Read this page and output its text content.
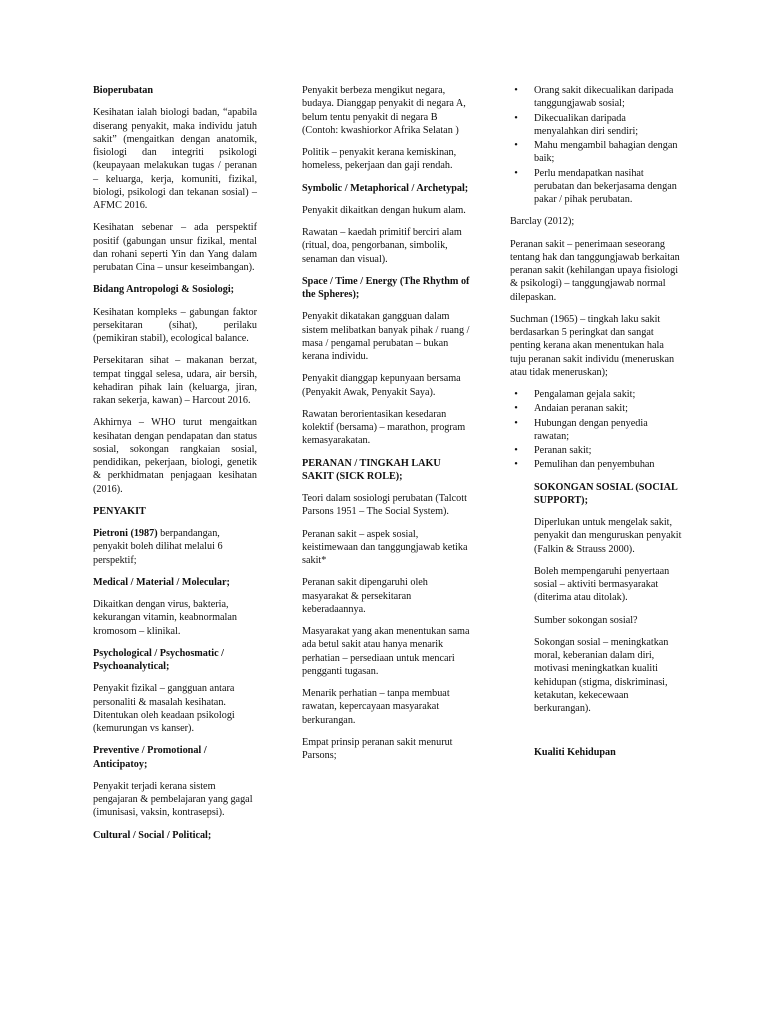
Bioperubatan
Kesihatan ialah biologi badan, “apabila diserang penyakit, maka individu jatuh sakit” (mengaitkan dengan anatomik, fisiologi dan integriti psikologi (keupayaan melakukan tugas / peranan – keluarga, kerja, komuniti, fizikal, biologi, psikologi dan tekanan sosial) – AFMC 2016.
Kesihatan sebenar – ada perspektif positif (gabungan unsur fizikal, mental dan rohani seperti Yin dan Yang dalam perubatan Cina – unsur keseimbangan).
Bidang Antropologi & Sosiologi;
Kesihatan kompleks – gabungan faktor persekitaran (sihat), perilaku (pemikiran stabil), ecological balance.
Persekitaran sihat – makanan berzat, tempat tinggal selesa, udara, air bersih, kehadiran pihak lain (keluarga, jiran, rakan sekerja, kawan) – Harcout 2016.
Akhirnya – WHO turut mengaitkan kesihatan dengan pendapatan dan status sosial, sokongan rangkaian sosial, pendidikan, pekerjaan, biologi, genetik & perkhidmatan penjagaan kesihatan (2016).
PENYAKIT
Pietroni (1987) berpandangan, penyakit boleh dilihat melalui 6 perspektif;
Medical / Material / Molecular;
Dikaitkan dengan virus, bakteria, kekurangan vitamin, keabnormalan kromosom – klinikal.
Psychological / Psychosmatic / Psychoanalytical;
Penyakit fizikal – gangguan antara personaliti & masalah kesihatan. Ditentukan oleh keadaan psikologi (kemurungan vs kanser).
Preventive / Promotional / Anticipatoy;
Penyakit terjadi kerana sistem pengajaran & pembelajaran yang gagal (imunisasi, vaksin, kontrasepsi).
Cultural / Social / Political;
Penyakit berbeza mengikut negara, budaya. Dianggap penyakit di negara A, belum tentu penyakit di negara B (Contoh: kwashiorkor Afrika Selatan )
Politik – penyakit kerana kemiskinan, homeless, pekerjaan dan gaji rendah.
Symbolic / Metaphorical / Archetypal;
Penyakit dikaitkan dengan hukum alam.
Rawatan – kaedah primitif berciri alam (ritual, doa, pengorbanan, simbolik, senaman dan visual).
Space / Time / Energy (The Rhythm of the Spheres);
Penyakit dikatakan gangguan dalam sistem melibatkan banyak pihak / ruang / masa / pengamal perubatan – bukan kerana individu.
Penyakit dianggap kepunyaan bersama (Penyakit Awak, Penyakit Saya).
Rawatan berorientasikan kesedaran kolektif (bersama) – marathon, program kemasyarakatan.
PERANAN / TINGKAH LAKU SAKIT (SICK ROLE);
Teori dalam sosiologi perubatan (Talcott Parsons 1951 – The Social System).
Peranan sakit – aspek sosial, keistimewaan dan tanggungjawab ketika sakit*
Peranan sakit dipengaruhi oleh masyarakat & persekitaran keberadaannya.
Masyarakat yang akan menentukan sama ada betul sakit atau hanya menarik perhatian – persediaan untuk mencari pengganti tugasan.
Menarik perhatian – tanpa membuat rawatan, kepercayaan masyarakat berkurangan.
Empat prinsip peranan sakit menurut Parsons;
•	Orang sakit dikecualikan daripada tanggungjawab sosial;
•	Dikecualikan daripada menyalahkan diri sendiri;
•	Mahu mengambil bahagian dengan baik;
•	Perlu mendapatkan nasihat perubatan dan bekerjasama dengan pakar / pihak perubatan.
Barclay (2012);
Peranan sakit – penerimaan seseorang tentang hak dan tanggungjawab berkaitan peranan sakit (kehilangan upaya fisiologi & psikologi) – tanggungjawab normal dilepaskan.
Suchman (1965) – tingkah laku sakit berdasarkan 5 peringkat dan sangat penting kerana akan menentukan hala tuju peranan sakit individu (meneruskan atau tidak meneruskan);
•	Pengalaman gejala sakit;
•	Andaian peranan sakit;
•	Hubungan dengan penyedia rawatan;
•	Peranan sakit;
•	Pemulihan dan penyembuhan
SOKONGAN SOSIAL (SOCIAL SUPPORT);
Diperlukan untuk mengelak sakit, penyakit dan menguruskan penyakit (Falkin & Strauss 2000).
Boleh mempengaruhi penyertaan sosial – aktiviti bermasyarakat (diterima atau ditolak).
Sumber sokongan sosial?
Sokongan sosial – meningkatkan moral, keberanian dalam diri, motivasi meningkatkan kualiti kehidupan (stigma, diskriminasi, ketakutan, kekecewaan berkurangan).
Kualiti Kehidupan
